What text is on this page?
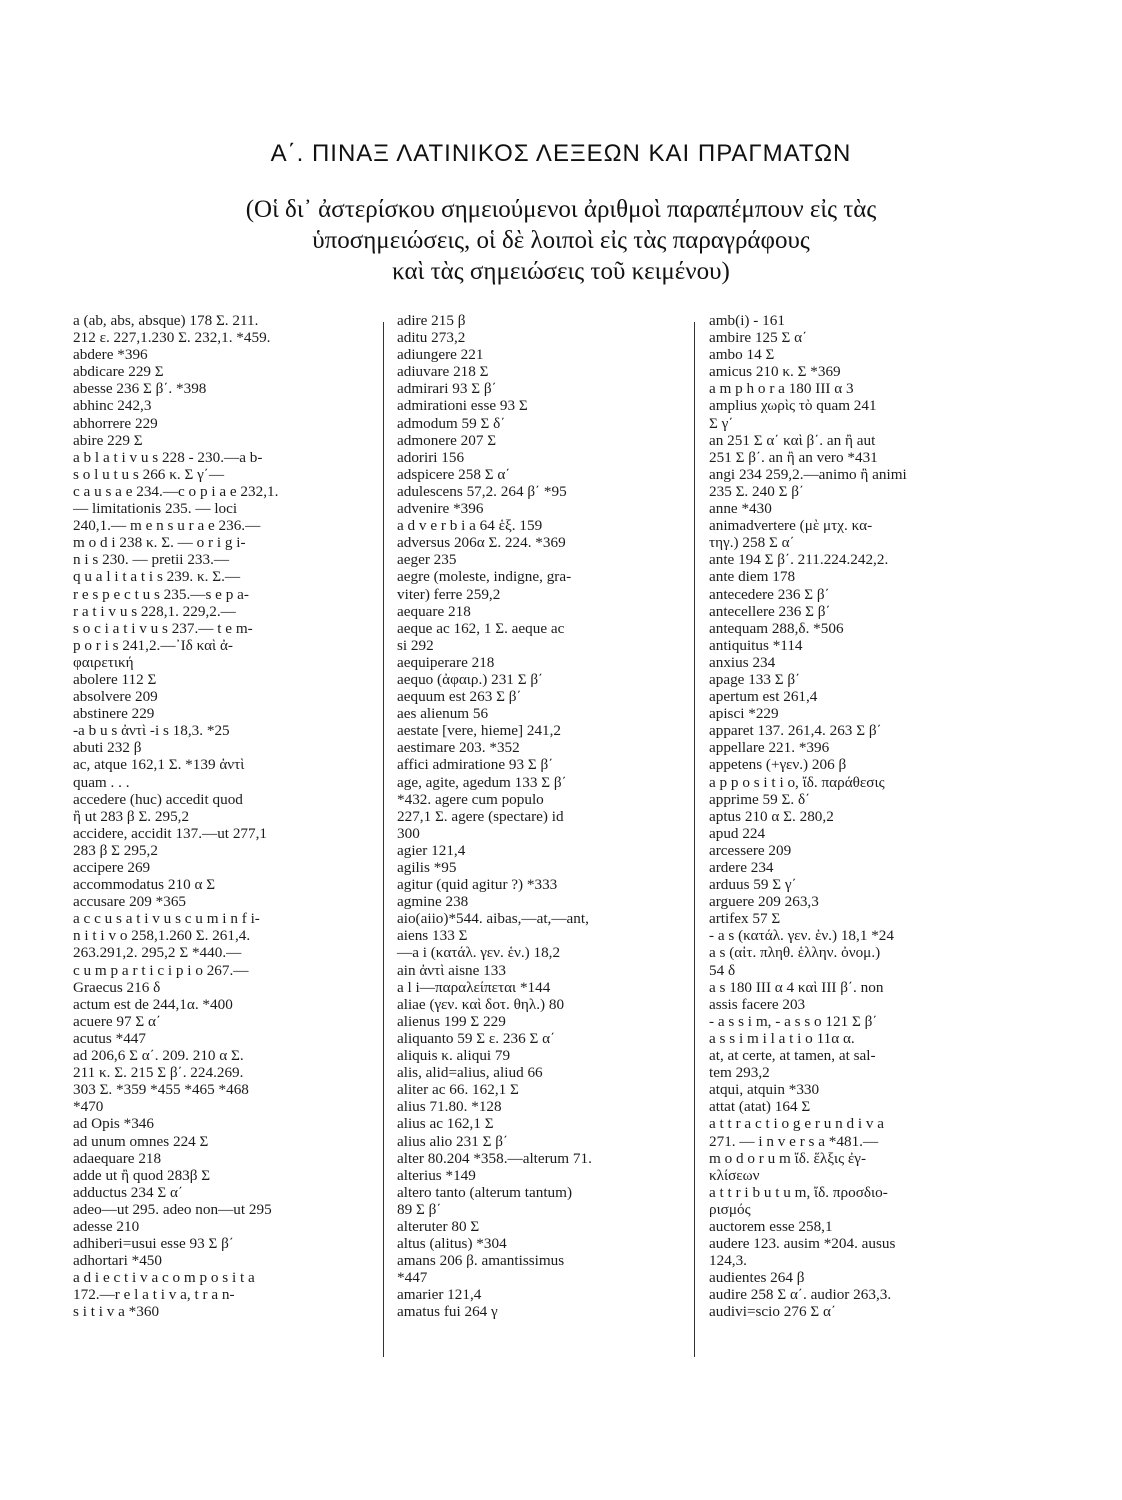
Α΄. ΠΙΝΑΞ ΛΑΤΙΝΙΚΟΣ ΛΕΞΕΩΝ ΚΑΙ ΠΡΑΓΜΑΤΩΝ
(Οἱ δι᾽ ἀστερίσκου σημειούμενοι ἀριθμοὶ παραπέμπουν εἰς τὰς
ὑποσημειώσεις, οἱ δὲ λοιποὶ εἰς τὰς παραγράφους
καὶ τὰς σημειώσεις τοῦ κειμένου)
a (ab, abs, absque) 178 Σ. 211.
212 ε. 227,1.230 Σ. 232,1. *459.
abdere *396
abdicare 229 Σ
abesse 236 Σ β΄. *398
abhinc 242,3
abhorrere 229
abire 229 Σ
a b l a t i v u s 228 - 230.—a b-
s o l u t u s 266 κ. Σ γ΄—
c a u s a e 234.—c o p i a e 232,1.
— limitationis 235. — loci
240,1.— m e n s u r a e 236.—
m o d i 238 κ. Σ. — o r i g i-
n i s 230. — pretii 233.—
q u a l i t a t i s 239. κ. Σ.—
r e s p e c t u s 235.—s e p a-
r a t i v u s 228,1. 229,2.—
s o c i a t i v u s 237.— t e m-
p o r i s 241,2.—᾽Ιδ καὶ ἀ-
φαιρετική
abolere 112 Σ
absolvere 209
abstinere 229
-a b u s ἀντὶ -i s 18,3. *25
abuti 232 β
ac, atque 162,1 Σ. *139 ἀντὶ
quam . . .
accedere (huc) accedit quod
ἢ ut 283 β Σ. 295,2
accidere, accidit 137.—ut 277,1
283 β Σ 295,2
accipere 269
accommodatus 210 α Σ
accusare 209 *365
a c c u s a t i v u s c u m i n f i-
n i t i v o 258,1.260 Σ. 261,4.
263.291,2. 295,2 Σ *440.—
c u m p a r t i c i p i o 267.—
Graecus 216 δ
actum est de 244,1α. *400
acuere 97 Σ α΄
acutus *447
ad 206,6 Σ α΄. 209. 210 α Σ.
211 κ. Σ. 215 Σ β΄. 224.269.
303 Σ. *359 *455 *465 *468
*470
ad Opis *346
ad unum omnes 224 Σ
adaequare 218
adde ut ἢ quod 283β Σ
adductus 234 Σ α΄
adeo—ut 295. adeo non—ut 295
adesse 210
adhiberi=usui esse 93 Σ β΄
adhortari *450
a d i e c t i v a c o m p o s i t a
172.—r e l a t i v a, t r a n-
s i t i v a *360
adire 215 β
aditu 273,2
adiungere 221
adiuvare 218 Σ
admirari 93 Σ β΄
admirationi esse 93 Σ
admodum 59 Σ δ΄
admonere 207 Σ
adoriri 156
adspicere 258 Σ α΄
adulescens 57,2. 264 β΄ *95
advenire *396
a d v e r b i a 64 ἑξ. 159
adversus 206α Σ. 224. *369
aeger 235
aegre (moleste, indigne, gra-
viter) ferre 259,2
aequare 218
aeque ac 162, 1 Σ. aeque ac
si 292
aequiperare 218
aequo (ἀφαιρ.) 231 Σ β΄
aequum est 263 Σ β΄
aes alienum 56
aestate [vere, hieme] 241,2
aestimare 203. *352
affici admiratione 93 Σ β΄
age, agite, agedum 133 Σ β΄
*432. agere cum populo
227,1 Σ. agere (spectare) id
300
agier 121,4
agilis *95
agitur (quid agitur ?) *333
agmine 238
aio(aiio)*544. aibas,—at,—ant,
aiens 133 Σ
—a i (κατάλ. γεν. ἑν.) 18,2
ain ἀντὶ aisne 133
a l i—παραλείπεται *144
aliae (γεν. καὶ δοτ. θηλ.) 80
alienus 199 Σ 229
aliquanto 59 Σ ε. 236 Σ α΄
aliquis κ. aliqui 79
alis, alid=alius, aliud 66
aliter ac 66. 162,1 Σ
alius 71.80. *128
alius ac 162,1 Σ
alius alio 231 Σ β΄
alter 80.204 *358.—alterum 71.
alterius *149
altero tanto (alterum tantum)
89 Σ β΄
alteruter 80 Σ
altus (alitus) *304
amans 206 β. amantissimus
*447
amarier 121,4
amatus fui 264 γ
amb(i) - 161
ambire 125 Σ α΄
ambo 14 Σ
amicus 210 κ. Σ *369
a m p h o r a 180 III α 3
amplius χωρὶς τὸ quam 241
Σ γ΄
an 251 Σ α΄ καὶ β΄. an ἢ aut
251 Σ β΄. an ἢ an vero *431
angi 234 259,2.—animo ἢ animi
235 Σ. 240 Σ β΄
anne *430
animadvertere (μὲ μτχ. κα-
τηγ.) 258 Σ α΄
ante 194 Σ β΄. 211.224.242,2.
ante diem 178
antecedere 236 Σ β΄
antecellere 236 Σ β΄
antequam 288,δ. *506
antiquitus *114
anxius 234
apage 133 Σ β΄
apertum est 261,4
apisci *229
apparet 137. 261,4. 263 Σ β΄
appellare 221. *396
appetens (+γεν.) 206 β
a p p o s i t i o, ἴδ. παράθεσις
apprime 59 Σ. δ΄
aptus 210 α Σ. 280,2
apud 224
arcessere 209
ardere 234
arduus 59 Σ γ΄
arguere 209 263,3
artifex 57 Σ
- a s (κατάλ. γεν. ἑν.) 18,1 *24
a s (αἰτ. πληθ. ἑλλην. ὀνομ.)
54 δ
a s 180 III α 4 καὶ III β΄. non
assis facere 203
- a s s i m, - a s s o 121 Σ β΄
a s s i m i l a t i o 11α α.
at, at certe, at tamen, at sal-
tem 293,2
atqui, atquin *330
attat (atat) 164 Σ
a t t r a c t i o g e r u n d i v a
271. — i n v e r s a *481.—
m o d o r u m ἴδ. ἕλξις ἐγ-
κλίσεων
a t t r i b u t u m, ἴδ. προσδιο-
ρισμός
auctorem esse 258,1
audere 123. ausim *204. ausus
124,3.
audientes 264 β
audire 258 Σ α΄. audior 263,3.
audivi=scio 276 Σ α΄
